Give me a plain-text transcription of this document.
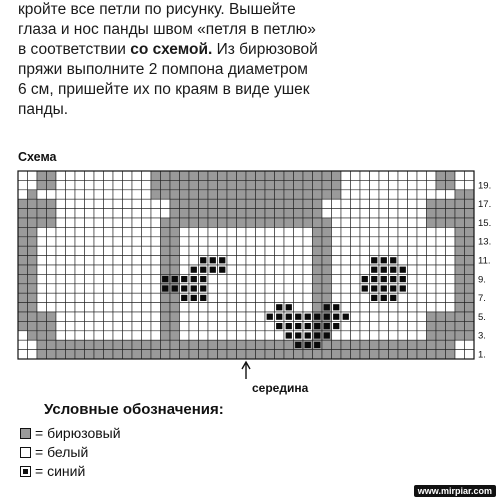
кройте все петли по рисунку. Вышейте глаза и нос панды швом «петля в петлю» в соответствии со схемой. Из бирюзовой пряжи выполните 2 помпона диаметром 6 см, пришейте их по краям в виде ушек панды.
Схема
19.
17.
15.
13.
11.
9.
7.
5.
3.
1.
середина
Условные обозначения:
= бирюзовый
= белый
= синий
www.mirpiar.com
